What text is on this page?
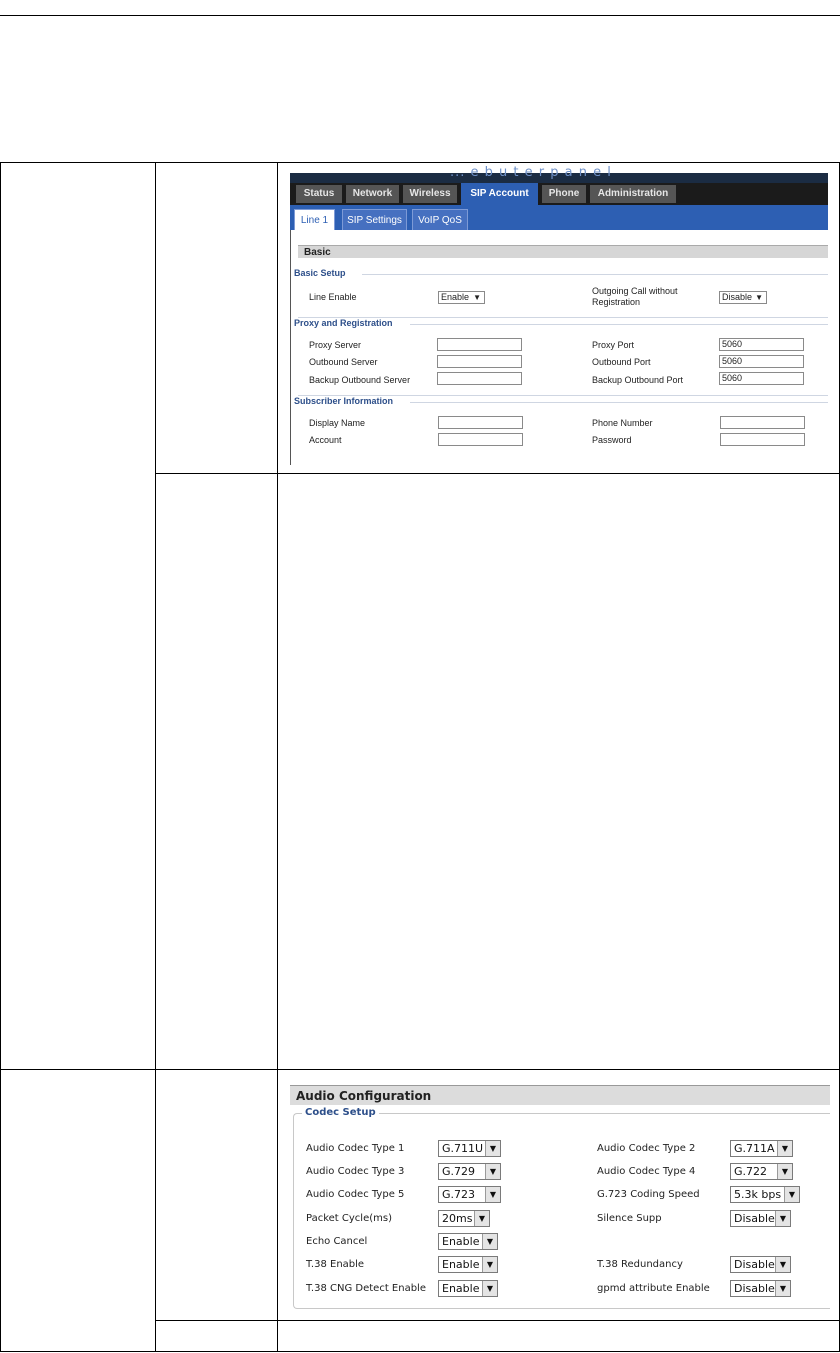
... e b u t e r p a n e l
Status	Network	Wireless	SIP Account	Phone	Administration
Line 1	SIP Settings	VoIP QoS
Basic
Basic Setup
Line Enable	Enable ▼
Outgoing Call without
Registration	Disable ▼
Proxy and Registration
Proxy Server	Proxy Port	5060
Outbound Server	Outbound Port	5060
Backup Outbound Server	Backup Outbound Port	5060
Subscriber Information
Display Name	Phone Number
Account	Password
Audio Configuration
Codec Setup
Audio Codec Type 1	G.711U ▼	Audio Codec Type 2	G.711A ▼
Audio Codec Type 3	G.729	▼	Audio Codec Type 4	G.722	▼
Audio Codec Type 5	G.723	▼	G.723 Coding Speed	5.3k bps ▼
Packet Cycle(ms)	20ms ▼	Silence Supp	Disable ▼
Echo Cancel	Enable ▼
T.38 Enable	Enable ▼	T.38 Redundancy	Disable ▼
T.38 CNG Detect Enable	Enable ▼	gpmd attribute Enable	Disable ▼
